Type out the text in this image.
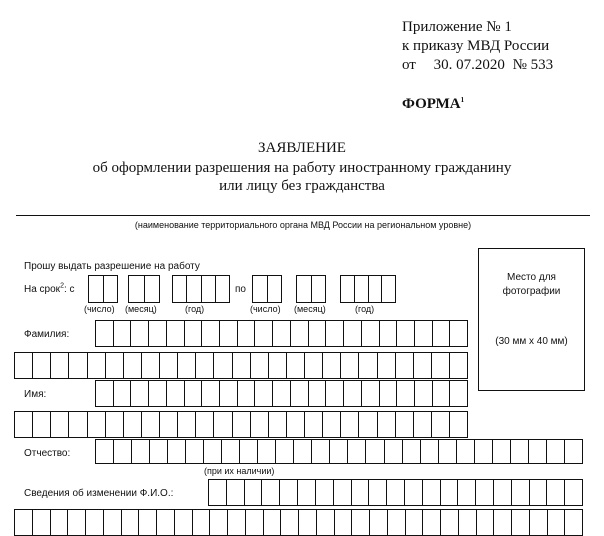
Приложение № 1
к приказу МВД России
от 30. 07.2020 № 533
ФОРМА$^1$
ЗАЯВЛЕНИЕ
об оформлении разрешения на работу иностранному гражданину
или лицу без гражданства
(наименование территориального органа МВД России на региональном уровне)
Прошу выдать разрешение на работу
На срок$^2$: с	по
(число) (месяц)	(год)	(число) (месяц)	(год)
Место для
фотографии
(30 мм х 40 мм)
Фамилия:
Имя:
Отчество:
(при их наличии)
Сведения об изменении Ф.И.О.:
